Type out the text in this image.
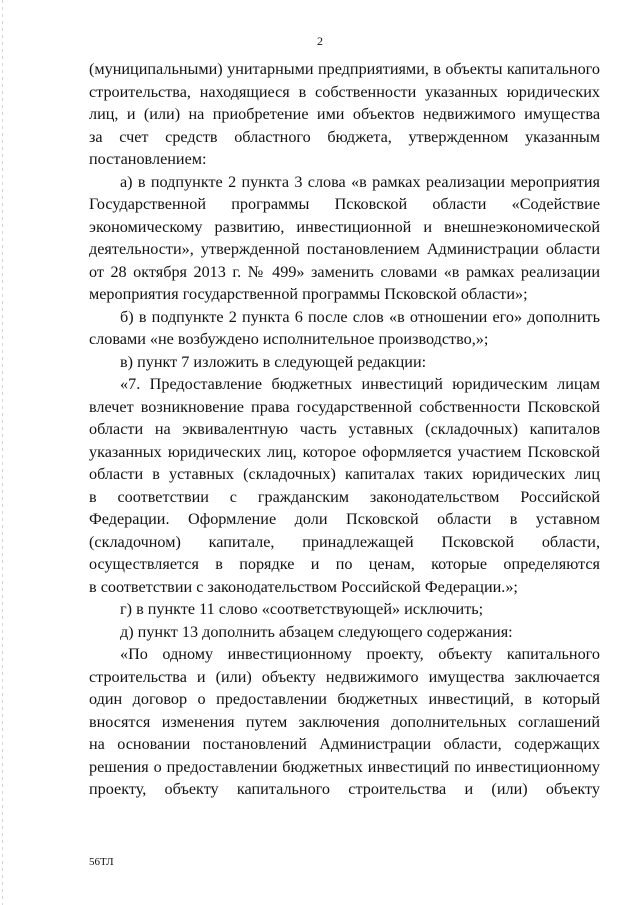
2
(муниципальными) унитарными предприятиями, в объекты капитального
строительства, находящиеся в собственности указанных юридических
лиц, и (или) на приобретение ими объектов недвижимого имущества
за счет средств областного бюджета, утвержденном указанным
постановлением:
а) в подпункте 2 пункта 3 слова «в рамках реализации мероприятия
Государственной программы Псковской области «Содействие
экономическому развитию, инвестиционной и внешнеэкономической
деятельности», утвержденной постановлением Администрации области
от 28 октября 2013 г. № 499» заменить словами «в рамках реализации
мероприятия государственной программы Псковской области»;
б) в подпункте 2 пункта 6 после слов «в отношении его» дополнить
словами «не возбуждено исполнительное производство,»;
в) пункт 7 изложить в следующей редакции:
«7. Предоставление бюджетных инвестиций юридическим лицам
влечет возникновение права государственной собственности Псковской
области на эквивалентную часть уставных (складочных) капиталов
указанных юридических лиц, которое оформляется участием Псковской
области в уставных (складочных) капиталах таких юридических лиц
в соответствии с гражданским законодательством Российской
Федерации. Оформление доли Псковской области в уставном
(складочном) капитале, принадлежащей Псковской области,
осуществляется в порядке и по ценам, которые определяются
в соответствии с законодательством Российской Федерации.»;
г) в пункте 11 слово «соответствующей» исключить;
д) пункт 13 дополнить абзацем следующего содержания:
«По одному инвестиционному проекту, объекту капитального
строительства и (или) объекту недвижимого имущества заключается
один договор о предоставлении бюджетных инвестиций, в который
вносятся изменения путем заключения дополнительных соглашений
на основании постановлений Администрации области, содержащих
решения о предоставлении бюджетных инвестиций по инвестиционному
проекту, объекту капитального строительства и (или) объекту
56ТЛ
